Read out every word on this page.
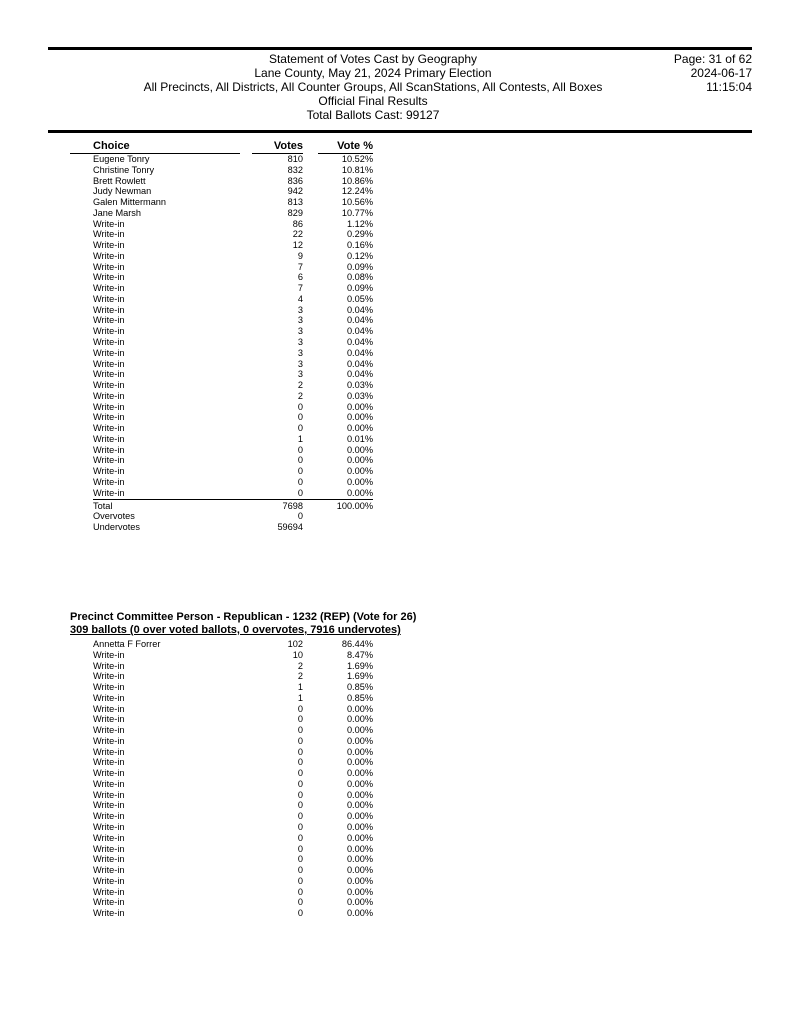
Statement of Votes Cast by Geography
Lane County, May 21, 2024 Primary Election
All Precincts, All Districts, All Counter Groups, All ScanStations, All Contests, All Boxes
Official Final Results
Total Ballots Cast: 99127
Page: 31 of 62
2024-06-17
11:15:04
Choice	Votes	Vote %
Eugene Tonry	810	10.52%
Christine Tonry	832	10.81%
Brett Rowlett	836	10.86%
Judy Newman	942	12.24%
Galen Mittermann	813	10.56%
Jane Marsh	829	10.77%
Write-in	86	1.12%
Write-in	22	0.29%
Write-in	12	0.16%
Write-in	9	0.12%
Write-in	7	0.09%
Write-in	6	0.08%
Write-in	7	0.09%
Write-in	4	0.05%
Write-in	3	0.04%
Write-in	3	0.04%
Write-in	3	0.04%
Write-in	3	0.04%
Write-in	3	0.04%
Write-in	3	0.04%
Write-in	3	0.04%
Write-in	2	0.03%
Write-in	2	0.03%
Write-in	0	0.00%
Write-in	0	0.00%
Write-in	0	0.00%
Write-in	1	0.01%
Write-in	0	0.00%
Write-in	0	0.00%
Write-in	0	0.00%
Write-in	0	0.00%
Write-in	0	0.00%
Total	7698	100.00%
Overvotes	0
Undervotes	59694
Precinct Committee Person - Republican - 1232 (REP) (Vote for 26)
309 ballots (0 over voted ballots, 0 overvotes, 7916 undervotes)
Annetta F Forrer	102	86.44%
Write-in	10	8.47%
Write-in	2	1.69%
Write-in	2	1.69%
Write-in	1	0.85%
Write-in	1	0.85%
Write-in	0	0.00%
Write-in	0	0.00%
Write-in	0	0.00%
Write-in	0	0.00%
Write-in	0	0.00%
Write-in	0	0.00%
Write-in	0	0.00%
Write-in	0	0.00%
Write-in	0	0.00%
Write-in	0	0.00%
Write-in	0	0.00%
Write-in	0	0.00%
Write-in	0	0.00%
Write-in	0	0.00%
Write-in	0	0.00%
Write-in	0	0.00%
Write-in	0	0.00%
Write-in	0	0.00%
Write-in	0	0.00%
Write-in	0	0.00%
